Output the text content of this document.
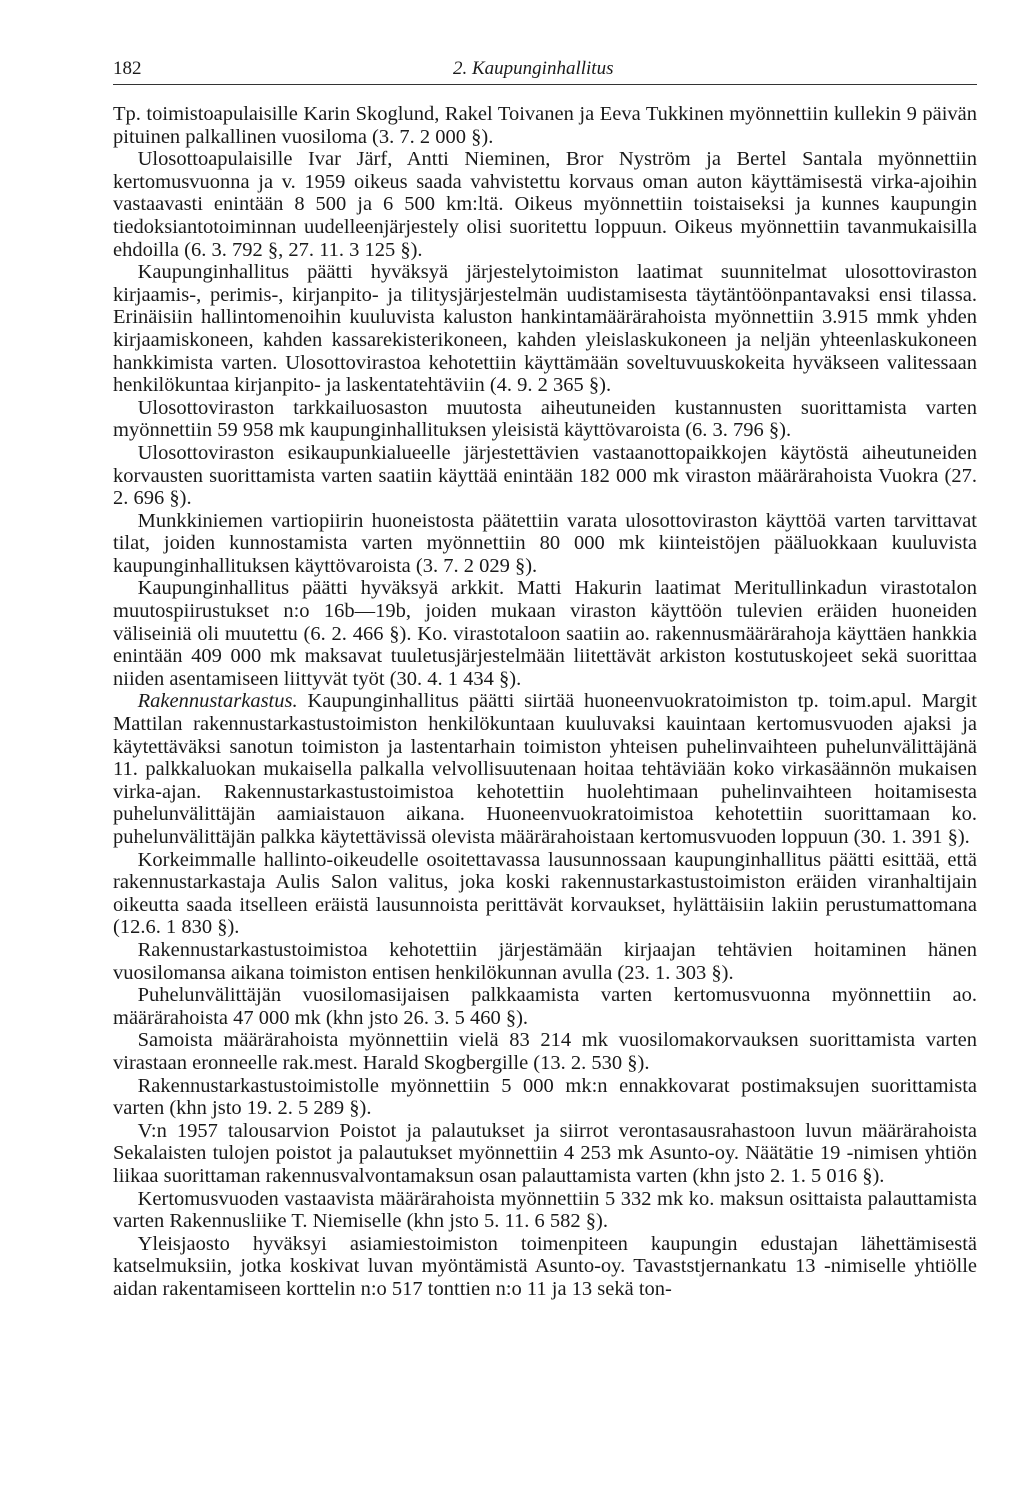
182	2. Kaupunginhallitus

Tp. toimistoapulaisille Karin Skoglund, Rakel Toivanen ja Eeva Tukkinen myönnettiin kullekin 9 päivän pituinen palkallinen vuosiloma (3. 7. 2 000 §).

Ulosottoapulaisille Ivar Järf, Antti Nieminen, Bror Nyström ja Bertel Santala myönnettiin kertomusvuonna ja v. 1959 oikeus saada vahvistettu korvaus oman auton käyttämisestä virka-ajoihin vastaavasti enintään 8 500 ja 6 500 km:ltä. Oikeus myönnettiin toistaiseksi ja kunnes kaupungin tiedoksiantotoiminnan uudelleenjärjestely olisi suoritettu loppuun. Oikeus myönnettiin tavanmukaisilla ehdoilla (6. 3. 792 §, 27. 11. 3 125 §).

Kaupunginhallitus päätti hyväksyä järjestelytoimiston laatimat suunnitelmat ulosottoviraston kirjaamis-, perimis-, kirjanpito- ja tilitysjärjestelmän uudistamisesta täytäntöönpantavaksi ensi tilassa. Erinäisiin hallintomenoihin kuuluvista kaluston hankintamäärärahoista myönnettiin 3.915 mmk yhden kirjaamiskoneen, kahden kassarekisterikoneen, kahden yleislaskukoneen ja neljän yhteenlaskukoneen hankkimista varten. Ulosottovirastoa kehotettiin käyttämään soveltuvuuskokeita hyväkseen valitessaan henkilökuntaa kirjanpito- ja laskentatehtäviin (4. 9. 2 365 §).

Ulosottoviraston tarkkailuosaston muutosta aiheutuneiden kustannusten suorittamista varten myönnettiin 59 958 mk kaupunginhallituksen yleisistä käyttövaroista (6. 3. 796 §).

Ulosottoviraston esikaupunkialueelle järjestettävien vastaanottopaikkojen käytöstä aiheutuneiden korvausten suorittamista varten saatiin käyttää enintään 182 000 mk viraston määrärahoista Vuokra (27. 2. 696 §).

Munkkiniemen vartiopiirin huoneistosta päätettiin varata ulosottoviraston käyttöä varten tarvittavat tilat, joiden kunnostamista varten myönnettiin 80 000 mk kiinteistöjen pääluokkaan kuuluvista kaupunginhallituksen käyttövaroista (3. 7. 2 029 §).

Kaupunginhallitus päätti hyväksyä arkkit. Matti Hakurin laatimat Meritullinkadun virastotalon muutospiirustukset n:o 16b—19b, joiden mukaan viraston käyttöön tulevien eräiden huoneiden väliseiniä oli muutettu (6. 2. 466 §). Ko. virastotaloon saatiin ao. rakennusmäärärahoja käyttäen hankkia enintään 409 000 mk maksavat tuuletusjärjestelmään liitettävät arkiston kostutuskojeet sekä suorittaa niiden asentamiseen liittyvät työt (30. 4. 1 434 §).

Rakennustarkastus. Kaupunginhallitus päätti siirtää huoneenvuokratoimiston tp. toim.apul. Margit Mattilan rakennustarkastustoimiston henkilökuntaan kuuluvaksi kauintaan kertomusvuoden ajaksi ja käytettäväksi sanotun toimiston ja lastentarhain toimiston yhteisen puhelinvaihteen puhelunvälittäjänä 11. palkkaluokan mukaisella palkalla velvollisuutenaan hoitaa tehtäviään koko virkasäännön mukaisen virka-ajan. Rakennustarkastustoimistoa kehotettiin huolehtimaan puhelinvaihteen hoitamisesta puhelunvälittäjän aamiaistauon aikana. Huoneenvuokratoimistoa kehotettiin suorittamaan ko. puhelunvälittäjän palkka käytettävissä olevista määrärahoistaan kertomusvuoden loppuun (30. 1. 391 §).

Korkeimmalle hallinto-oikeudelle osoitettavassa lausunnossaan kaupunginhallitus päätti esittää, että rakennustarkastaja Aulis Salon valitus, joka koski rakennustarkastustoimiston eräiden viranhaltijain oikeutta saada itselleen eräistä lausunnoista perittävät korvaukset, hylättäisiin lakiin perustumattomana (12.6. 1 830 §).

Rakennustarkastustoimistoa kehotettiin järjestämään kirjaajan tehtävien hoitaminen hänen vuosilomansa aikana toimiston entisen henkilökunnan avulla (23. 1. 303 §).

Puhelunvälittäjän vuosilomasijaisen palkkaamista varten kertomusvuonna myönnettiin ao. määrärahoista 47 000 mk (khn jsto 26. 3. 5 460 §).

Samoista määrärahoista myönnettiin vielä 83 214 mk vuosilomakorvauksen suorittamista varten virastaan eronneelle rak.mest. Harald Skogbergille (13. 2. 530 §).

Rakennustarkastustoimistolle myönnettiin 5 000 mk:n ennakkovarat postimaksujen suorittamista varten (khn jsto 19. 2. 5 289 §).

V:n 1957 talousarvion Poistot ja palautukset ja siirrot verontasausrahastoon luvun määrärahoista Sekalaisten tulojen poistot ja palautukset myönnettiin 4 253 mk Asunto-oy. Näätätie 19 -nimisen yhtiön liikaa suorittaman rakennusvalvontamaksun osan palauttamista varten (khn jsto 2. 1. 5 016 §).

Kertomusvuoden vastaavista määrärahoista myönnettiin 5 332 mk ko. maksun osittaista palauttamista varten Rakennusliike T. Niemiselle (khn jsto 5. 11. 6 582 §).

Yleisjaosto hyväksyi asiamiestoimiston toimenpiteen kaupungin edustajan lähettämisestä katselmuksiin, jotka koskivat luvan myöntämistä Asunto-oy. Tavaststjernankatu 13 -nimiselle yhtiölle aidan rakentamiseen korttelin n:o 517 tonttien n:o 11 ja 13 sekä ton-
